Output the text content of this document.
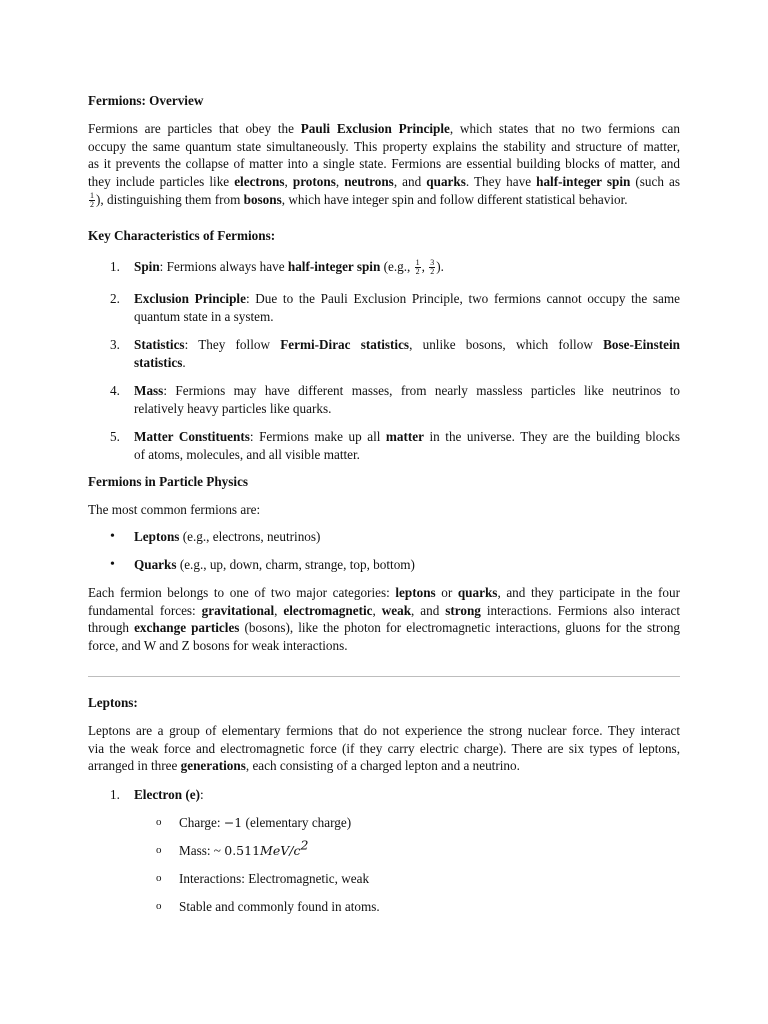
Fermions: Overview
Fermions are particles that obey the Pauli Exclusion Principle, which states that no two fermions can
occupy the same quantum state simultaneously. This property explains the stability and structure of matter,
as it prevents the collapse of matter into a single state. Fermions are essential building blocks of matter, and
they include particles like electrons, protons, neutrons, and quarks. They have half-integer spin (such as
$\frac{1}{2}$ ), distinguishing them from bosons, which have integer spin and follow different statistical behavior.
Key Characteristics of Fermions:
1.	Spin: Fermions always have half-integer spin (e.g., $\frac{1}{2}$ , $\frac{3}{2}$ ).
2.	Exclusion Principle: Due to the Pauli Exclusion Principle, two fermions cannot occupy the same
quantum state in a system.
3.	Statistics: They follow Fermi-Dirac statistics, unlike bosons, which follow Bose-Einstein
statistics.
4.	Mass: Fermions may have different masses, from nearly massless particles like neutrinos to
relatively heavy particles like quarks.
5.	Matter Constituents: Fermions make up all matter in the universe. They are the building blocks
of atoms, molecules, and all visible matter.
Fermions in Particle Physics
The most common fermions are:
• Leptons (e.g., electrons, neutrinos)
• Quarks (e.g., up, down, charm, strange, top, bottom)
Each fermion belongs to one of two major categories: leptons or quarks, and they participate in the four
fundamental forces: gravitational, electromagnetic, weak, and strong interactions. Fermions also interact
through exchange particles (bosons), like the photon for electromagnetic interactions, gluons for the strong
force, and W and Z bosons for weak interactions.
Leptons:
Leptons are a group of elementary fermions that do not experience the strong nuclear force. They interact
via the weak force and electromagnetic force (if they carry electric charge). There are six types of leptons,
arranged in three generations, each consisting of a charged lepton and a neutrino.
1.	Electron (e):
o Charge: −1 (elementary charge)
o Mass: ~ $0.511MeV/c^2$
o Interactions: Electromagnetic, weak
o Stable and commonly found in atoms.
